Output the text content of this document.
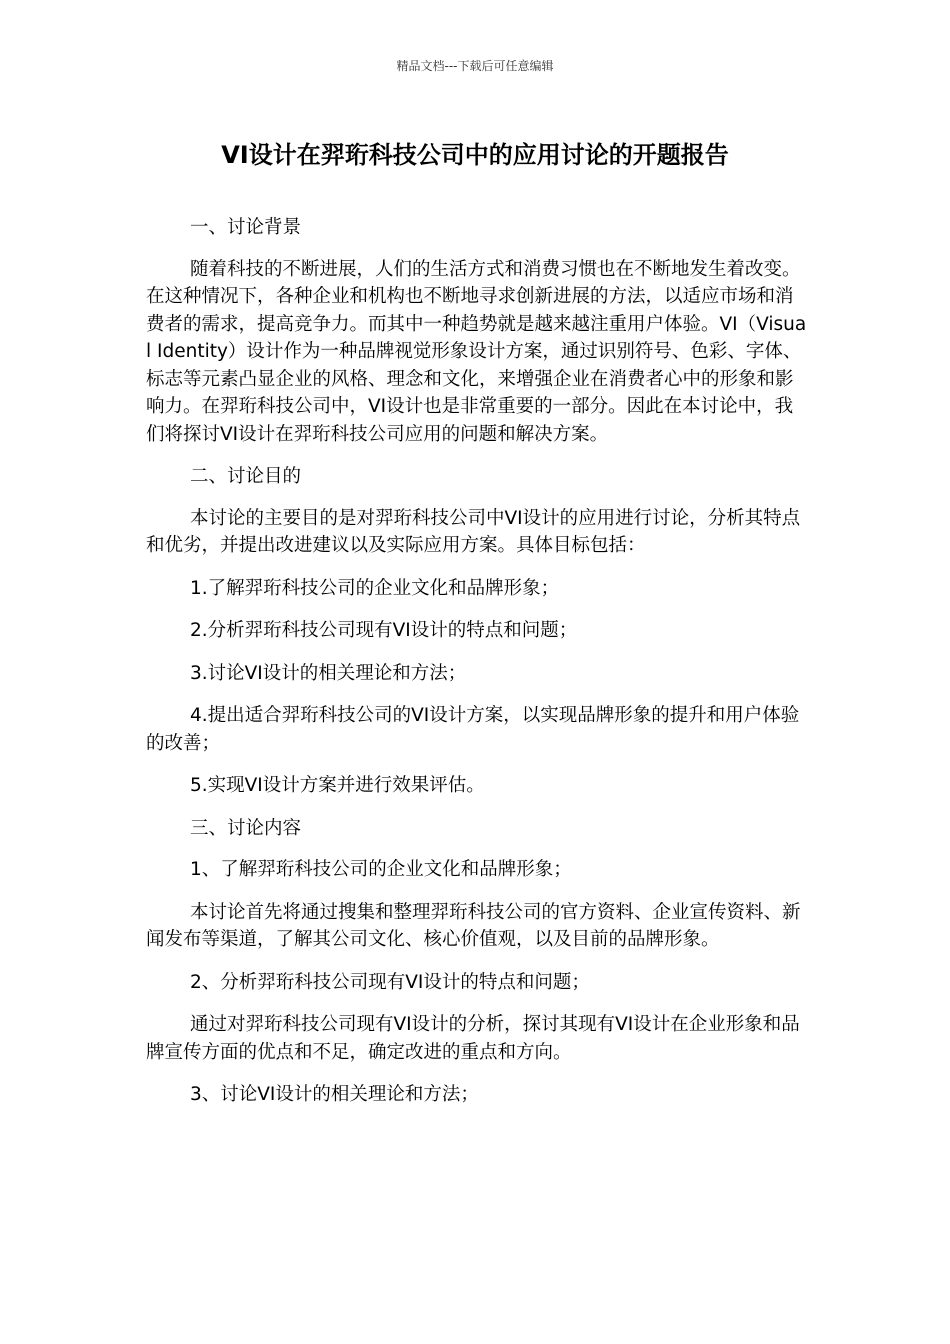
精品文档---下载后可任意编辑
VI设计在羿珩科技公司中的应用讨论的开题报告

一、讨论背景

随着科技的不断进展，人们的生活方式和消费习惯也在不断地发生着改变。在这种情况下，各种企业和机构也不断地寻求创新进展的方法，以适应市场和消费者的需求，提高竞争力。而其中一种趋势就是越来越注重用户体验。VI（Visual Identity）设计作为一种品牌视觉形象设计方案，通过识别符号、色彩、字体、标志等元素凸显企业的风格、理念和文化，来增强企业在消费者心中的形象和影响力。在羿珩科技公司中，VI设计也是非常重要的一部分。因此在本讨论中，我们将探讨VI设计在羿珩科技公司应用的问题和解决方案。

二、讨论目的

本讨论的主要目的是对羿珩科技公司中VI设计的应用进行讨论，分析其特点和优劣，并提出改进建议以及实际应用方案。具体目标包括：

1.了解羿珩科技公司的企业文化和品牌形象；

2.分析羿珩科技公司现有VI设计的特点和问题；

3.讨论VI设计的相关理论和方法；

4.提出适合羿珩科技公司的VI设计方案，以实现品牌形象的提升和用户体验的改善；

5.实现VI设计方案并进行效果评估。

三、讨论内容

1、了解羿珩科技公司的企业文化和品牌形象；

本讨论首先将通过搜集和整理羿珩科技公司的官方资料、企业宣传资料、新闻发布等渠道，了解其公司文化、核心价值观，以及目前的品牌形象。

2、分析羿珩科技公司现有VI设计的特点和问题；

通过对羿珩科技公司现有VI设计的分析，探讨其现有VI设计在企业形象和品牌宣传方面的优点和不足，确定改进的重点和方向。

3、讨论VI设计的相关理论和方法；
